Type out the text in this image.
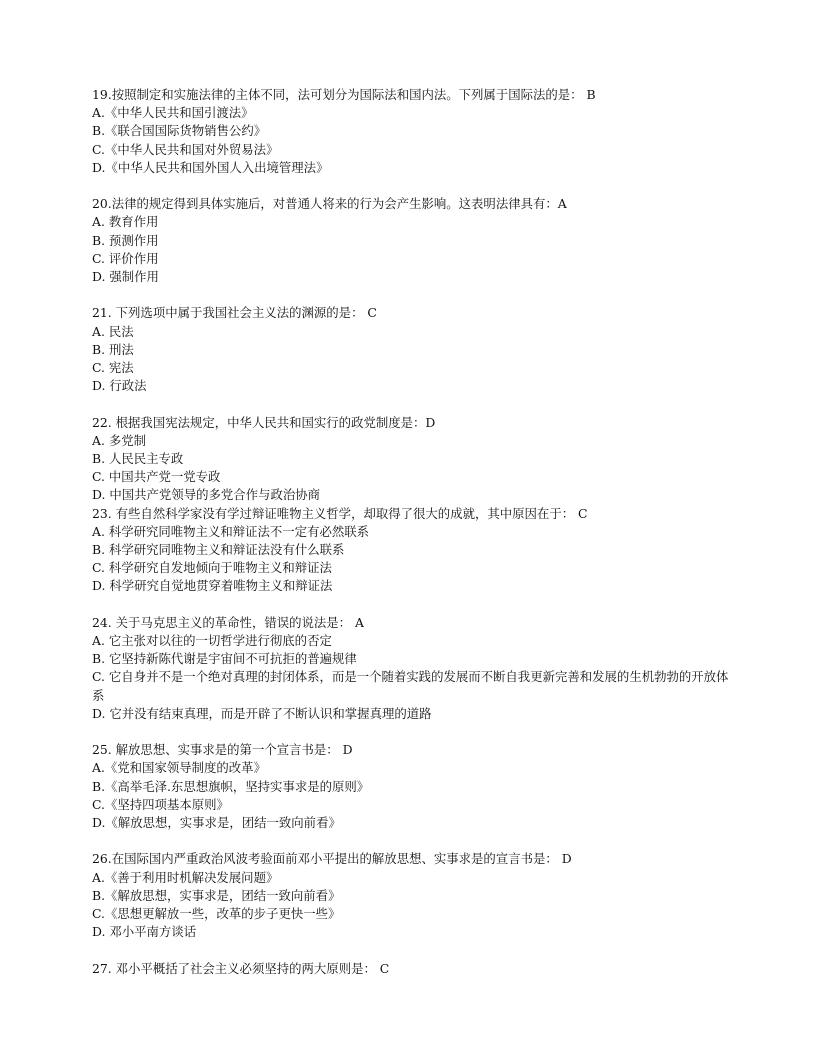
19.按照制定和实施法律的主体不同，法可划分为国际法和国内法。下列属于国际法的是： B
A.《中华人民共和国引渡法》
B.《联合国国际货物销售公约》
C.《中华人民共和国对外贸易法》
D.《中华人民共和国外国人入出境管理法》
20.法律的规定得到具体实施后，对普通人将来的行为会产生影响。这表明法律具有：A
A. 教育作用
B. 预测作用
C. 评价作用
D. 强制作用
21. 下列选项中属于我国社会主义法的渊源的是： C
A. 民法
B. 刑法
C. 宪法
D. 行政法
22. 根据我国宪法规定，中华人民共和国实行的政党制度是：D
A. 多党制
B. 人民民主专政
C. 中国共产党一党专政
D. 中国共产党领导的多党合作与政治协商
23. 有些自然科学家没有学过辩证唯物主义哲学，却取得了很大的成就，其中原因在于： C
A. 科学研究同唯物主义和辩证法不一定有必然联系
B. 科学研究同唯物主义和辩证法没有什么联系
C. 科学研究自发地倾向于唯物主义和辩证法
D. 科学研究自觉地贯穿着唯物主义和辩证法
24. 关于马克思主义的革命性，错误的说法是： A
A. 它主张对以往的一切哲学进行彻底的否定
B. 它坚持新陈代谢是宇宙间不可抗拒的普遍规律
C. 它自身并不是一个绝对真理的封闭体系，而是一个随着实践的发展而不断自我更新完善和发展的生机勃勃的开放体系
D. 它并没有结束真理，而是开辟了不断认识和掌握真理的道路
25. 解放思想、实事求是的第一个宣言书是： D
A.《党和国家领导制度的改革》
B.《高举毛泽.东思想旗帜，坚持实事求是的原则》
C.《坚持四项基本原则》
D.《解放思想，实事求是，团结一致向前看》
26.在国际国内严重政治风波考验面前邓小平提出的解放思想、实事求是的宣言书是： D
A.《善于利用时机解决发展问题》
B.《解放思想，实事求是，团结一致向前看》
C.《思想更解放一些，改革的步子更快一些》
D. 邓小平南方谈话
27. 邓小平概括了社会主义必须坚持的两大原则是： C
